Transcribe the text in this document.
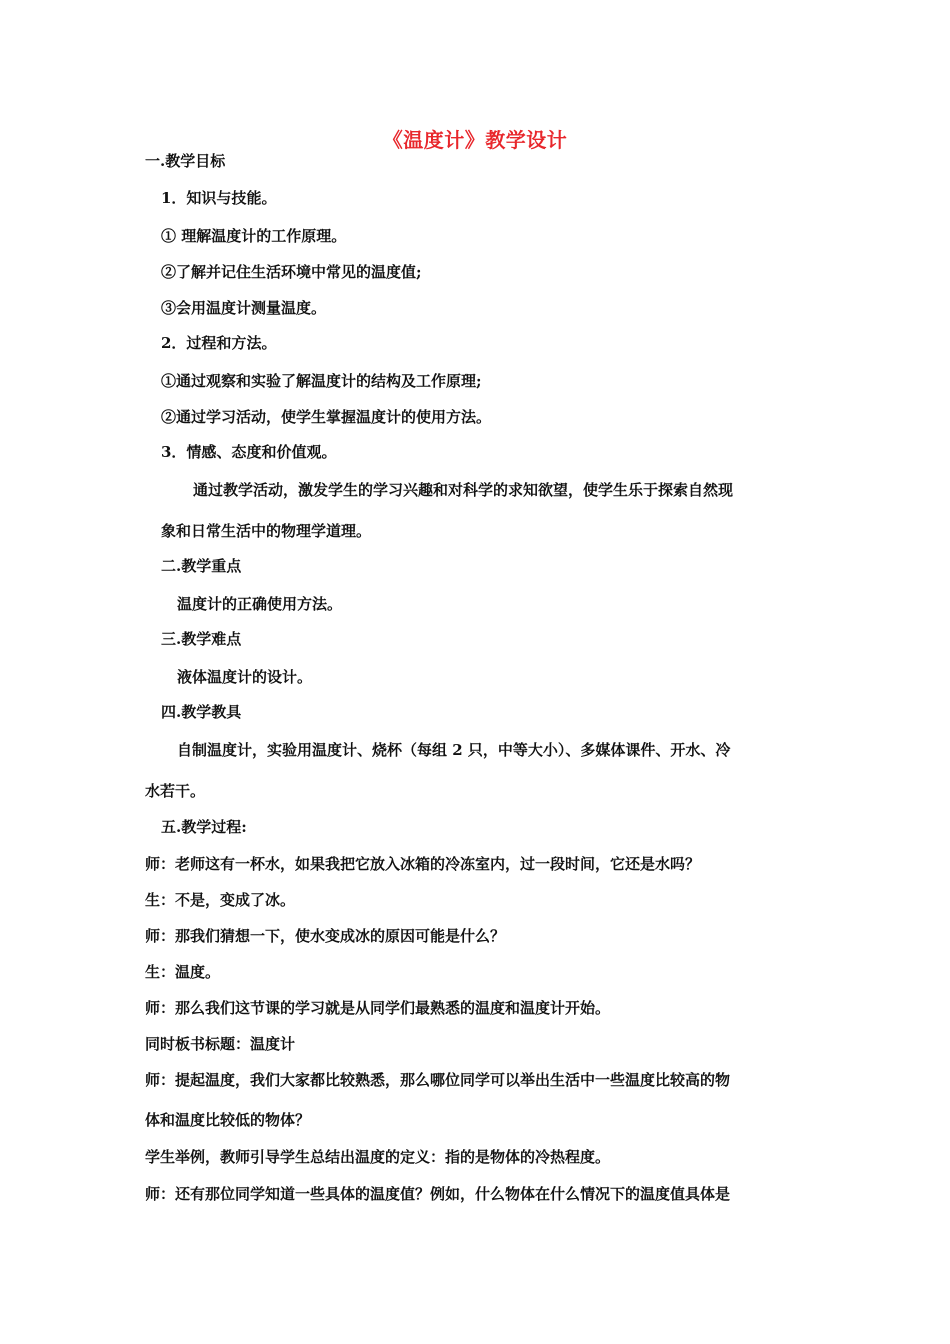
《温度计》教学设计
一.教学目标
1．知识与技能。
① 理解温度计的工作原理。
②了解并记住生活环境中常见的温度值;
③会用温度计测量温度。
2．过程和方法。
①通过观察和实验了解温度计的结构及工作原理;
②通过学习活动，使学生掌握温度计的使用方法。
3．情感、态度和价值观。
通过教学活动，激发学生的学习兴趣和对科学的求知欲望，使学生乐于探索自然现
象和日常生活中的物理学道理。
二.教学重点
温度计的正确使用方法。
三.教学难点
液体温度计的设计。
四.教学教具
自制温度计，实验用温度计、烧杯（每组 2 只，中等大小）、多媒体课件、开水、冷
水若干。
五.教学过程:
师：老师这有一杯水，如果我把它放入冰箱的冷冻室内，过一段时间，它还是水吗？
生：不是，变成了冰。
师：那我们猜想一下，使水变成冰的原因可能是什么？
生：温度。
师：那么我们这节课的学习就是从同学们最熟悉的温度和温度计开始。
同时板书标题：温度计
师：提起温度，我们大家都比较熟悉，那么哪位同学可以举出生活中一些温度比较高的物
体和温度比较低的物体？
学生举例，教师引导学生总结出温度的定义：指的是物体的冷热程度。
师：还有那位同学知道一些具体的温度值？例如，什么物体在什么情况下的温度值具体是
